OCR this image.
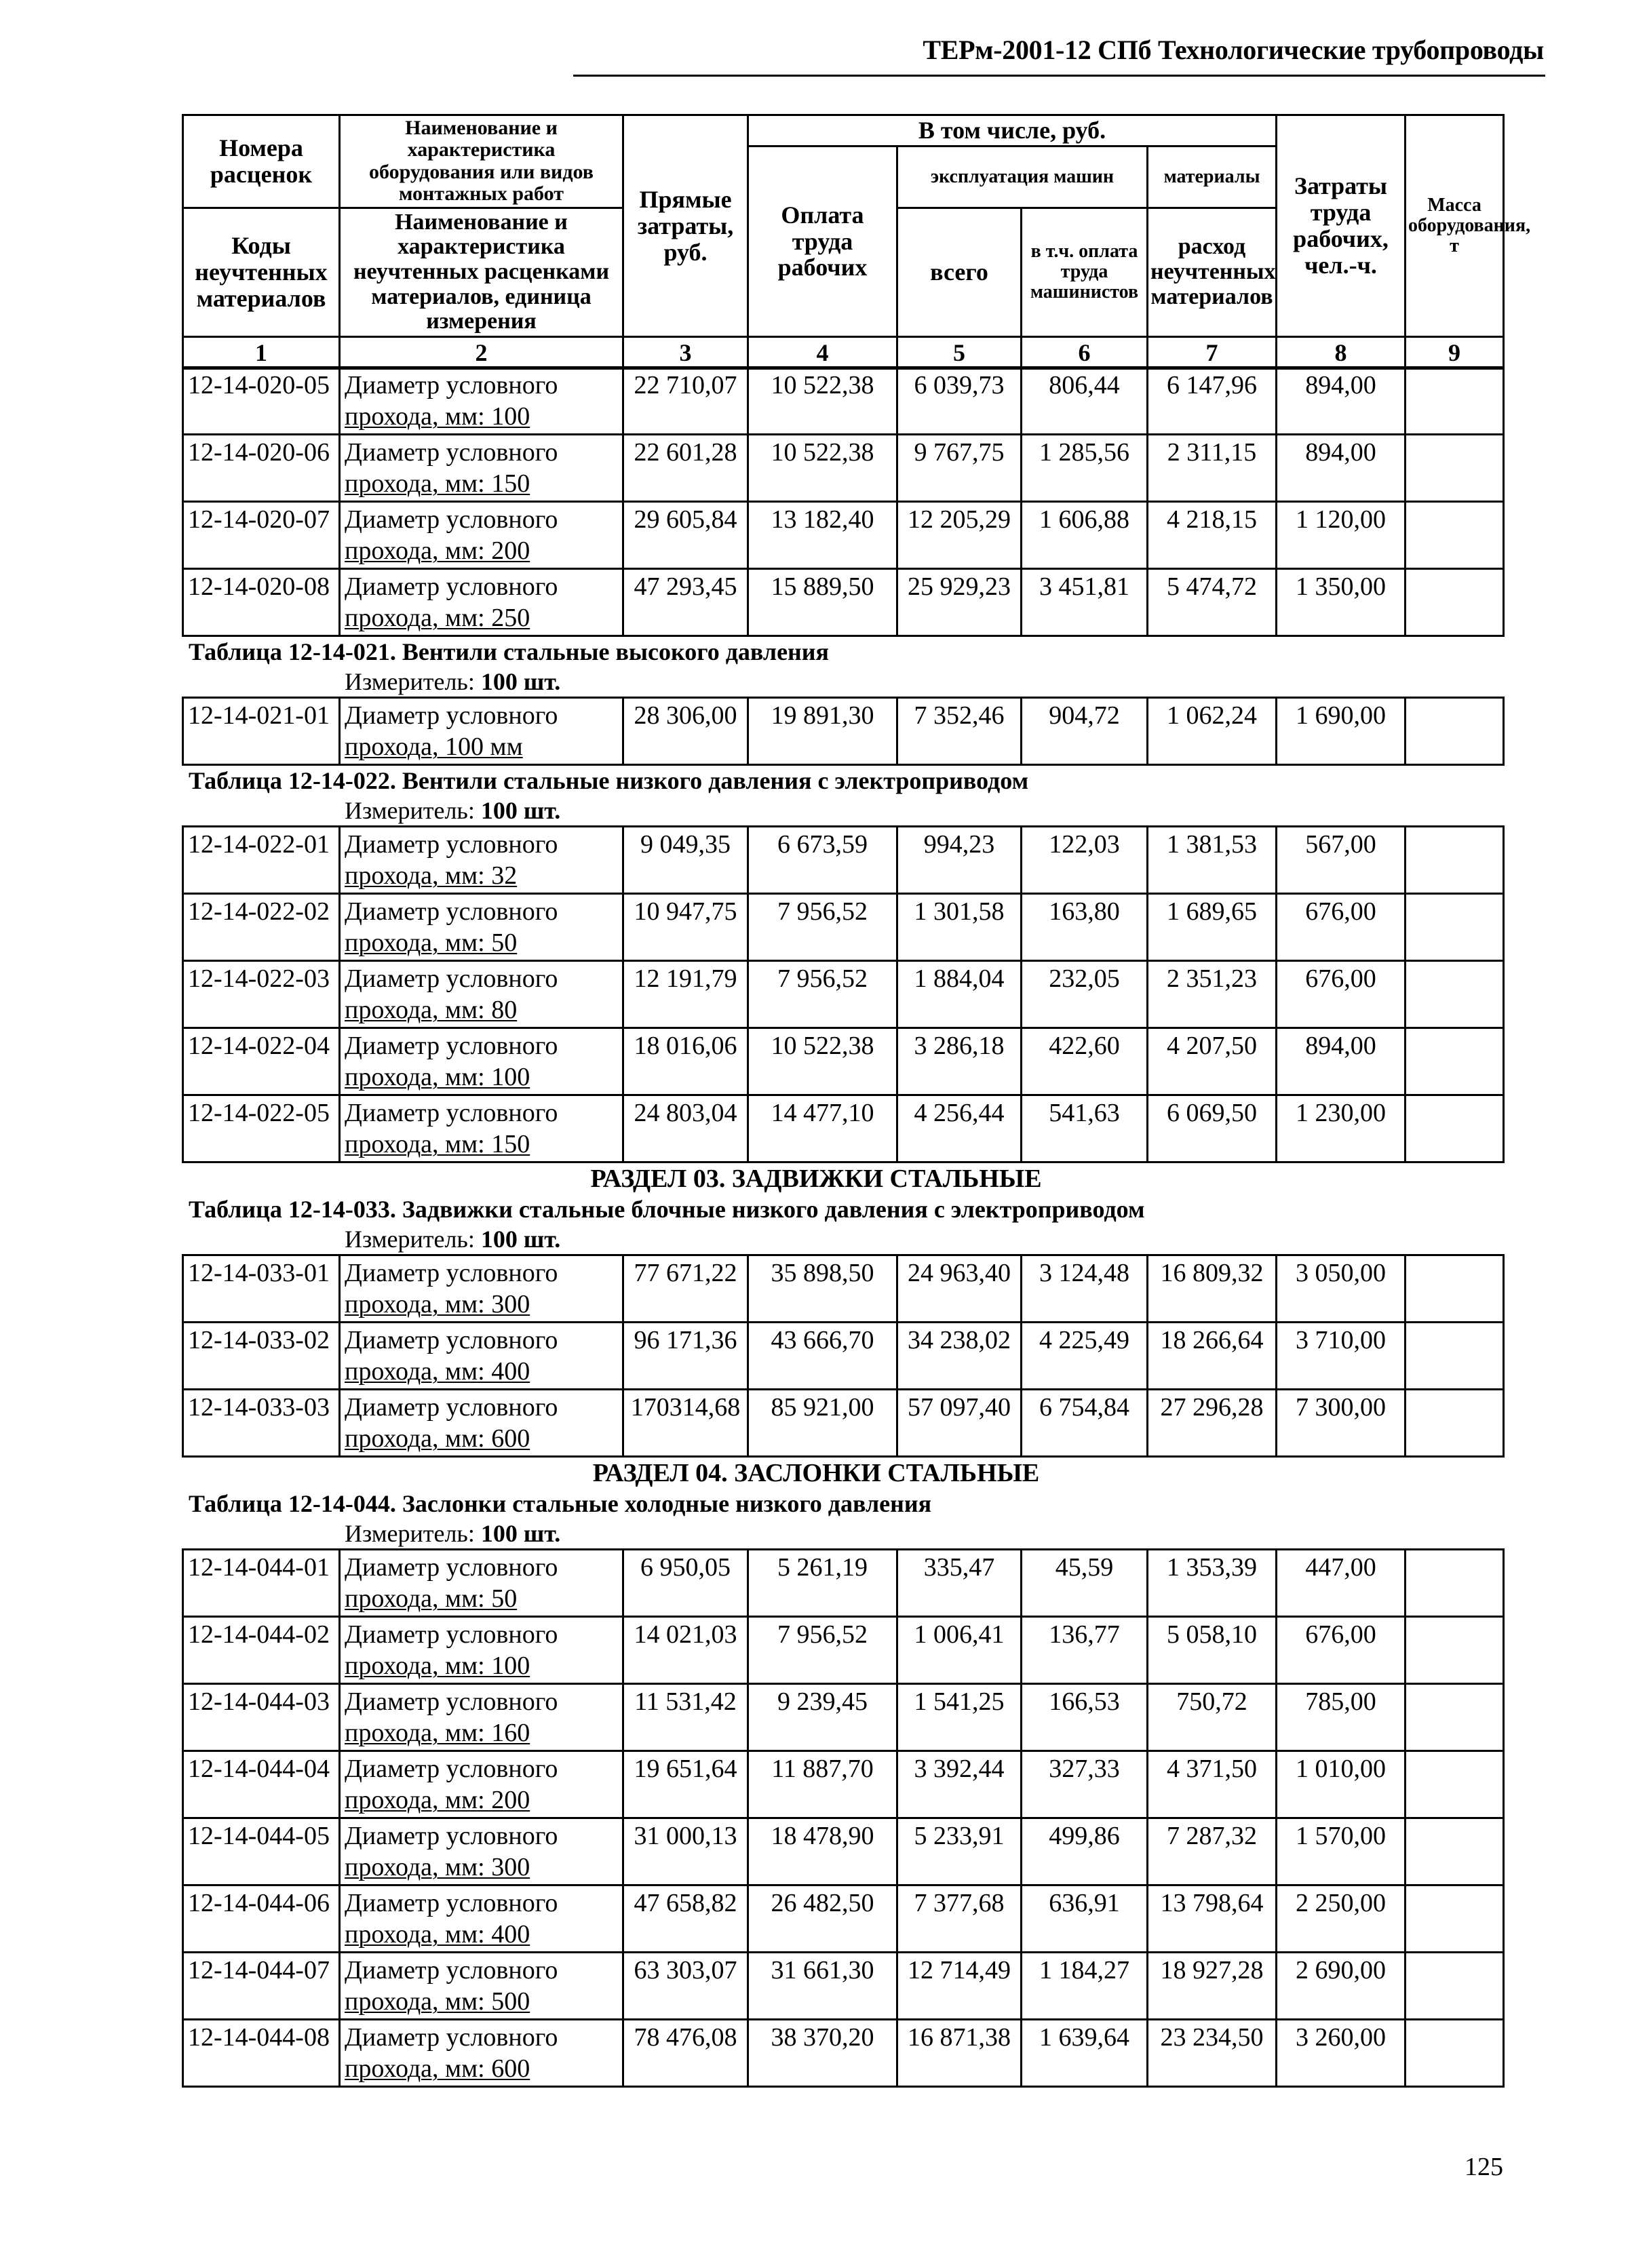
ТЕРм-2001-12 СПб Технологические трубопроводы
Номера расценок	Наименование и характеристика оборудования или видов монтажных работ	Прямые затраты, руб.	В том числе, руб.				Затраты труда рабочих, чел.-ч.	Масса оборудования, т
			Оплата труда рабочих	эксплуатация машин		материалы		
Коды неучтенных материалов	Наименование и характеристика неучтенных расценками материалов, единица измерения			всего	в т.ч. оплата труда машинистов	расход неучтенных материалов		

1	2	3	4	5	6	7	8	9
12-14-020-05	Диаметр условного
прохода, мм: 100	22 710,07	10 522,38	6 039,73	806,44	6 147,96	894,00	
12-14-020-06	Диаметр условного
прохода, мм: 150	22 601,28	10 522,38	9 767,75	1 285,56	2 311,15	894,00	
12-14-020-07	Диаметр условного
прохода, мм: 200	29 605,84	13 182,40	12 205,29	1 606,88	4 218,15	1 120,00	
12-14-020-08	Диаметр условного
прохода, мм: 250	47 293,45	15 889,50	25 929,23	3 451,81	5 474,72	1 350,00	
Таблица 12-14-021. Вентили стальные высокого давления
Измеритель: 100 шт.
12-14-021-01	Диаметр условного
прохода, 100 мм
	28 306,00	19 891,30	7 352,46	904,72	1 062,24	1 690,00	
Таблица 12-14-022. Вентили стальные низкого давления с электроприводом
Измеритель: 100 шт.
12-14-022-01	Диаметр условного
прохода, мм: 32	9 049,35	6 673,59	994,23	122,03	1 381,53	567,00	
12-14-022-02	Диаметр условного
прохода, мм: 50	10 947,75	7 956,52	1 301,58	163,80	1 689,65	676,00	
12-14-022-03	Диаметр условного
прохода, мм: 80	12 191,79	7 956,52	1 884,04	232,05	2 351,23	676,00	
12-14-022-04	Диаметр условного
прохода, мм: 100	18 016,06	10 522,38	3 286,18	422,60	4 207,50	894,00	
12-14-022-05	Диаметр условного
прохода, мм: 150	24 803,04	14 477,10	4 256,44	541,63	6 069,50	1 230,00	
РАЗДЕЛ 03. ЗАДВИЖКИ СТАЛЬНЫЕ
Таблица 12-14-033. Задвижки стальные блочные низкого давления с электроприводом
Измеритель: 100 шт.
12-14-033-01	Диаметр условного
прохода, мм: 300	77 671,22	35 898,50	24 963,40	3 124,48	16 809,32	3 050,00	
12-14-033-02	Диаметр условного
прохода, мм: 400	96 171,36	43 666,70	34 238,02	4 225,49	18 266,64	3 710,00	
12-14-033-03	Диаметр условного
прохода, мм: 600	170314,68	85 921,00	57 097,40	6 754,84	27 296,28	7 300,00	
РАЗДЕЛ 04. ЗАСЛОНКИ СТАЛЬНЫЕ
Таблица 12-14-044. Заслонки стальные холодные низкого давления
Измеритель: 100 шт.
12-14-044-01	Диаметр условного
прохода, мм: 50	6 950,05	5 261,19	335,47	45,59	1 353,39	447,00	
12-14-044-02	Диаметр условного
прохода, мм: 100	14 021,03	7 956,52	1 006,41	136,77	5 058,10	676,00	
12-14-044-03	Диаметр условного
прохода, мм: 160	11 531,42	9 239,45	1 541,25	166,53	750,72	785,00	
12-14-044-04	Диаметр условного
прохода, мм: 200	19 651,64	11 887,70	3 392,44	327,33	4 371,50	1 010,00	
12-14-044-05	Диаметр условного
прохода, мм: 300	31 000,13	18 478,90	5 233,91	499,86	7 287,32	1 570,00	
12-14-044-06	Диаметр условного
прохода, мм: 400	47 658,82	26 482,50	7 377,68	636,91	13 798,64	2 250,00	
12-14-044-07	Диаметр условного
прохода, мм: 500	63 303,07	31 661,30	12 714,49	1 184,27	18 927,28	2 690,00	
12-14-044-08	Диаметр условного
прохода, мм: 600	78 476,08	38 370,20	16 871,38	1 639,64	23 234,50	3 260,00	
125
